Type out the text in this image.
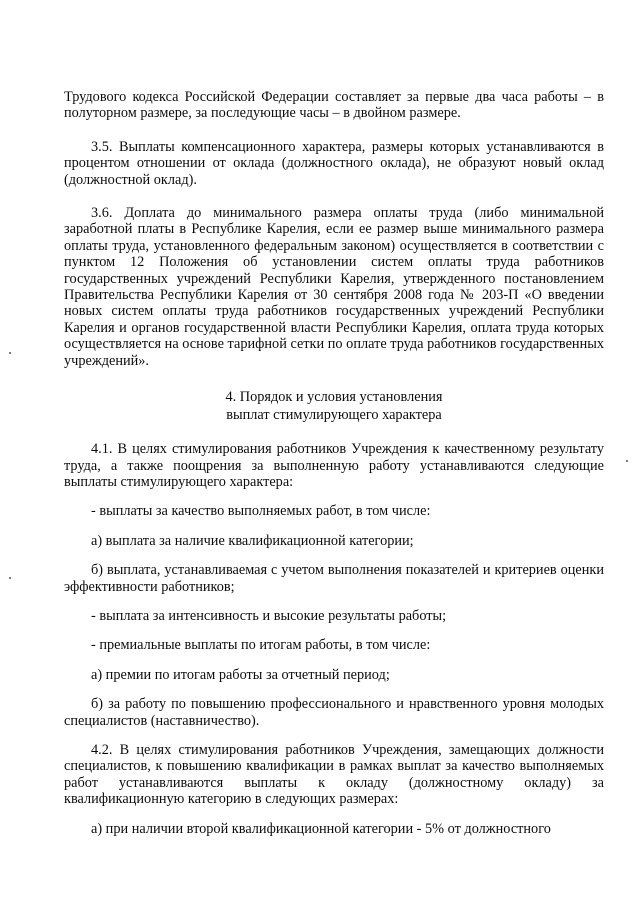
Трудового кодекса Российской Федерации составляет за первые два часа работы – в полуторном размере, за последующие часы – в двойном размере.

3.5. Выплаты компенсационного характера, размеры которых устанавливаются в процентом отношении от оклада (должностного оклада), не образуют новый оклад (должностной оклад).

3.6. Доплата до минимального размера оплаты труда (либо минимальной заработной платы в Республике Карелия, если ее размер выше минимального размера оплаты труда, установленного федеральным законом) осуществляется в соответствии с пунктом 12 Положения об установлении систем оплаты труда работников государственных учреждений Республики Карелия, утвержденного постановлением Правительства Республики Карелия от 30 сентября 2008 года № 203-П «О введении новых систем оплаты труда работников государственных учреждений Республики Карелия и органов государственной власти Республики Карелия, оплата труда которых осуществляется на основе тарифной сетки по оплате труда работников государственных учреждений».

4. Порядок и условия установления
выплат стимулирующего характера

4.1. В целях стимулирования работников Учреждения к качественному результату труда, а также поощрения за выполненную работу устанавливаются следующие выплаты стимулирующего характера:

- выплаты за качество выполняемых работ, в том числе:

а) выплата за наличие квалификационной категории;

б) выплата, устанавливаемая с учетом выполнения показателей и критериев оценки эффективности работников;

- выплата за интенсивность и высокие результаты работы;

- премиальные выплаты по итогам работы, в том числе:

а) премии по итогам работы за отчетный период;

б) за работу по повышению профессионального и нравственного уровня молодых специалистов (наставничество).

4.2. В целях стимулирования работников Учреждения, замещающих должности специалистов, к повышению квалификации в рамках выплат за качество выполняемых работ устанавливаются выплаты к окладу (должностному окладу) за квалификационную категорию в следующих размерах:

а) при наличии второй квалификационной категории - 5% от должностного
